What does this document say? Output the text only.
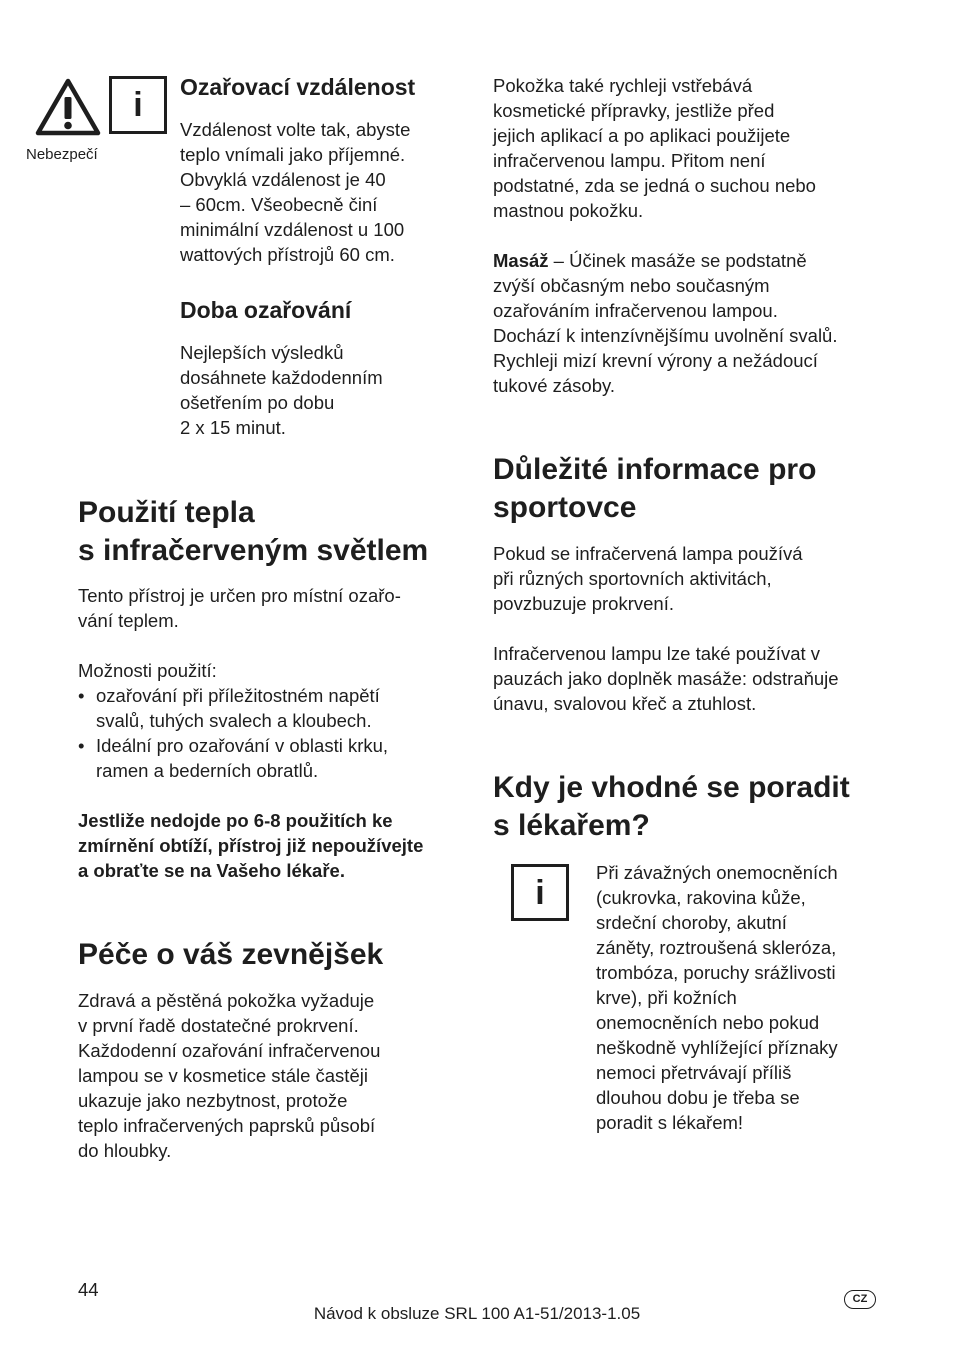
i
Nebezpečí
Ozařovací vzdálenost
Vzdálenost volte tak, abyste
teplo vnímali jako příjemné.
Obvyklá vzdálenost je 40
– 60cm. Všeobecně činí
minimální vzdálenost u 100
wattových přístrojů 60 cm.
Doba ozařování
Nejlepších výsledků
dosáhnete každodenním
ošetřením po dobu
2 x 15 minut.
Použití tepla
s infračerveným světlem
Tento přístroj je určen pro místní ozařo-
vání teplem.
Možnosti použití:
• ozařování při příležitostném napětí
svalů, tuhých svalech a kloubech.
• Ideální pro ozařování v oblasti krku,
ramen a bederních obratlů.
Jestliže nedojde po 6-8 použitích ke
zmírnění obtíží, přístroj již nepoužívejte
a obraťte se na Vašeho lékaře.
Péče o váš zevnějšek
Zdravá a pěstěná pokožka vyžaduje
v první řadě dostatečné prokrvení.
Každodenní ozařování infračervenou
lampou se v kosmetice stále častěji
ukazuje jako nezbytnost, protože
teplo infračervených paprsků působí
do hloubky.
Pokožka také rychleji vstřebává
kosmetické přípravky, jestliže před
jejich aplikací a po aplikaci použijete
infračervenou lampu. Přitom není
podstatné, zda se jedná o suchou nebo
mastnou pokožku.
Masáž – Účinek masáže se podstatně
zvýší občasným nebo současným
ozařováním infračervenou lampou.
Dochází k intenzívnějšímu uvolnění svalů.
Rychleji mizí krevní výrony a nežádoucí
tukové zásoby.
Důležité informace pro
sportovce
Pokud se infračervená lampa používá
při různých sportovních aktivitách,
povzbuzuje prokrvení.
Infračervenou lampu lze také používat v
pauzách jako doplněk masáže: odstraňuje
únavu, svalovou křeč a ztuhlost.
Kdy je vhodné se poradit
s lékařem?
i
Při závažných onemocněních
(cukrovka, rakovina kůže,
srdeční choroby, akutní
záněty, roztroušená skleróza,
trombóza, poruchy srážlivosti
krve), při kožních
onemocněních nebo pokud
neškodně vyhlížející příznaky
nemoci přetrvávají příliš
dlouhou dobu je třeba se
poradit s lékařem!
44
Návod k obsluze SRL 100 A1-51/2013-1.05
CZ
